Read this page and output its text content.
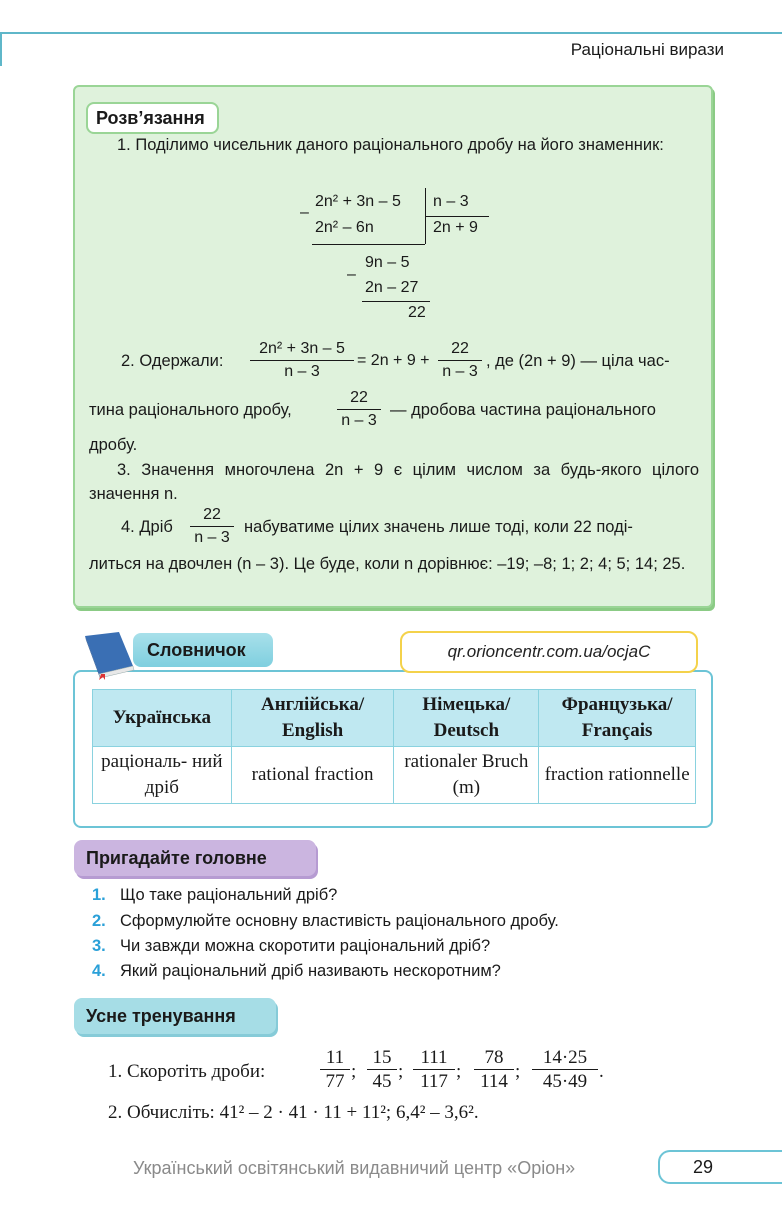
Раціональні вирази
Розв’язання
1. Поділимо чисельник даного раціонального дробу на його знаменник:
–
2n² + 3n – 5 n – 3
2n² – 6n	2n + 9
–
9n – 5
2n – 27
22
2. Одержали: $\frac{\text{2n² + 3n – 5}}{n - 3} = 2n + 9 + \frac{22}{n - 3}$ , де (2n + 9) — ціла час-
тина раціонального дробу,	$\frac{22}{n - 3}$ — дробова частина раціонального
дробу.
3. Значення многочлена 2n + 9 є цілим числом за будь-якого цілого значення n.
4. Дріб $\frac{22}{n - 3}$ набуватиме цілих значень лише тоді, коли 22 поді-
литься на двочлен (n – 3). Це буде, коли n дорівнює: –19; –8; 1; 2; 4; 5; 14; 25.
Словничок	qr.orioncentr.com.ua/ocjaC
Українська	Англійська/ English	Німецька/ Deutsch	Французька/ Français
раціональ- ний дріб	rational fraction	rationaler Bruch (m)	fraction rationnelle
Пригадайте головне
1. Що таке раціональний дріб?
2. Сформулюйте основну властивість раціонального дробу.
3. Чи завжди можна скоротити раціональний дріб?
4. Який раціональний дріб називають нескоротним?
Усне тренування
1. Скоротіть дроби:	$\frac{11}{77}$ ; $\frac{15}{45}$ ; $\frac{111}{117}$ ; $\frac{78}{114}$ ; $\frac{14\cdot 25}{45\cdot 49}$ .
2. Обчисліть: 41² – 2 · 41 · 11 + 11²; 6,4² – 3,6².
Український освітянський видавничий центр «Оріон»	29
